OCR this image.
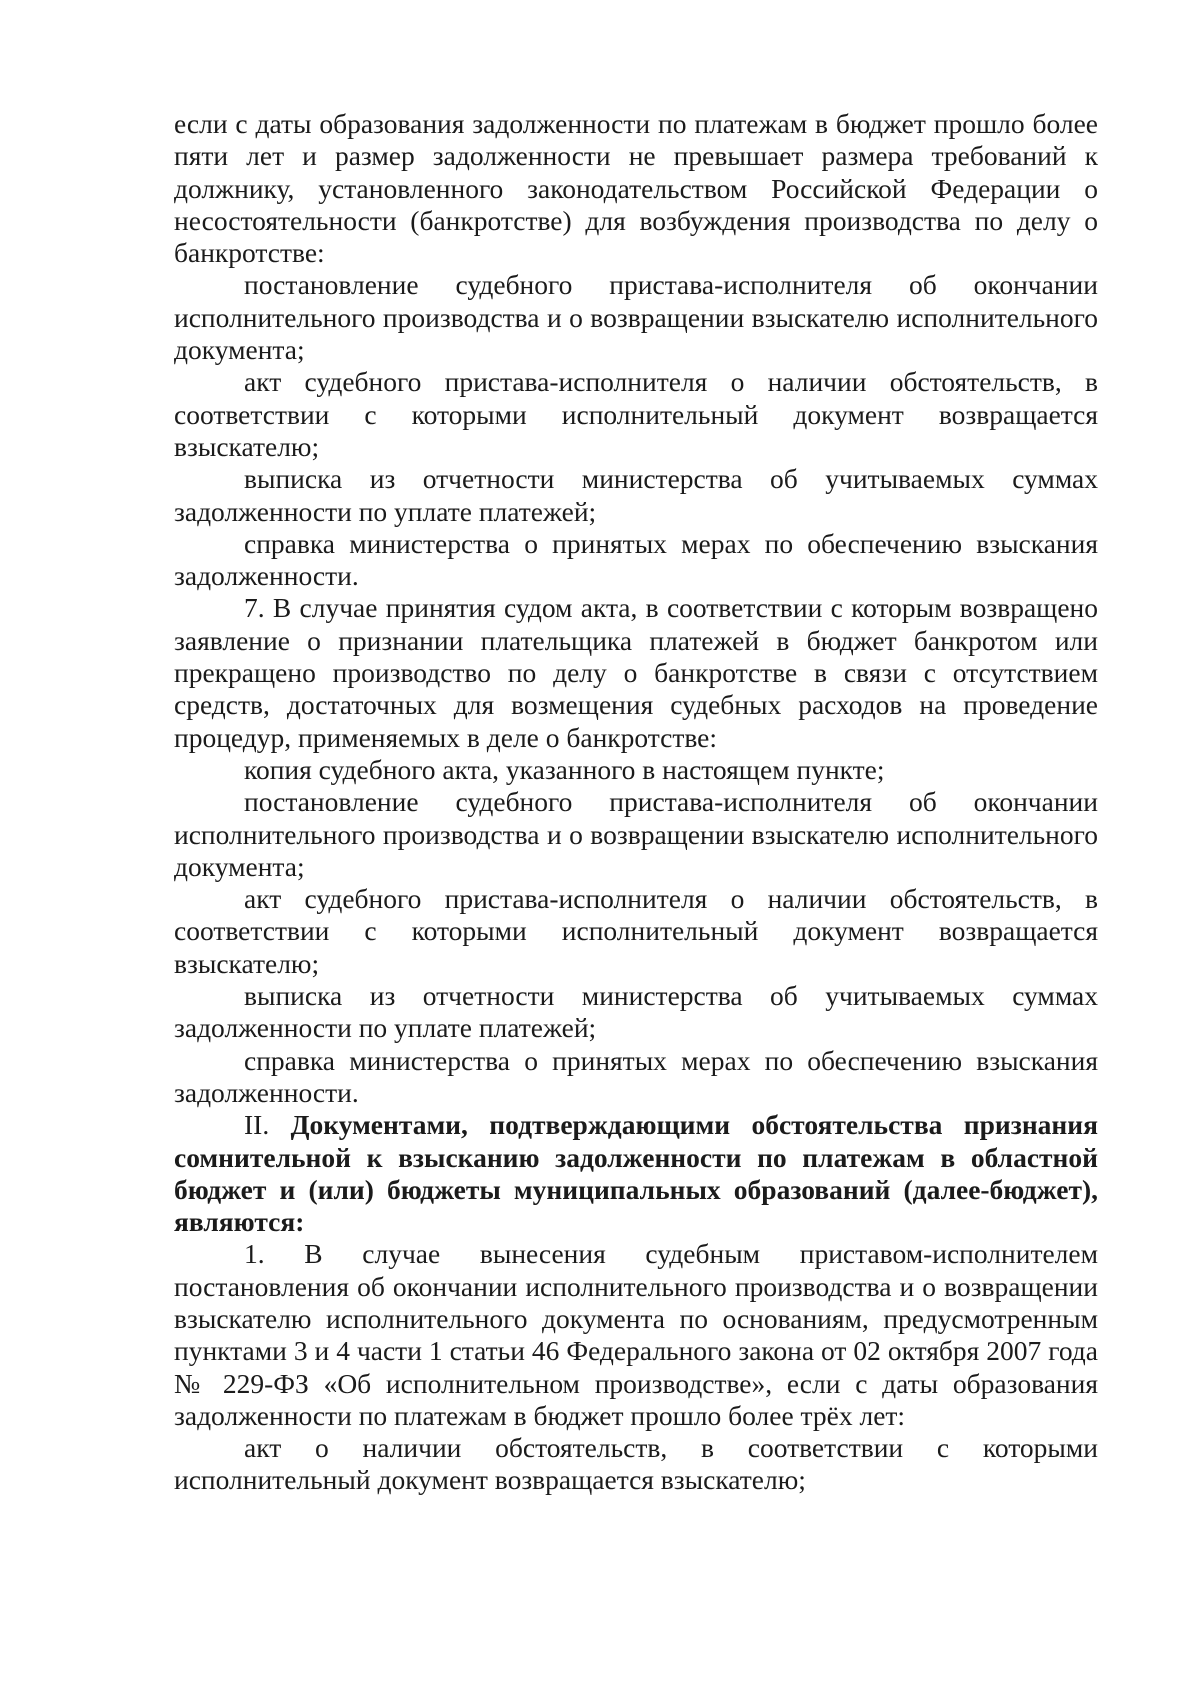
если с даты образования задолженности по платежам в бюджет прошло более пяти лет и размер задолженности не превышает размера требований к должнику, установленного законодательством Российской Федерации о несостоятельности (банкротстве) для возбуждения производства по делу о банкротстве:

постановление судебного пристава-исполнителя об окончании исполнительного производства и о возвращении взыскателю исполнительного документа;

акт судебного пристава-исполнителя о наличии обстоятельств, в соответствии с которыми исполнительный документ возвращается взыскателю;

выписка из отчетности министерства об учитываемых суммах задолженности по уплате платежей;

справка министерства о принятых мерах по обеспечению взыскания задолженности.

7. В случае принятия судом акта, в соответствии с которым возвращено заявление о признании плательщика платежей в бюджет банкротом или прекращено производство по делу о банкротстве в связи с отсутствием средств, достаточных для возмещения судебных расходов на проведение процедур, применяемых в деле о банкротстве:

копия судебного акта, указанного в настоящем пункте;

постановление судебного пристава-исполнителя об окончании исполнительного производства и о возвращении взыскателю исполнительного документа;

акт судебного пристава-исполнителя о наличии обстоятельств, в соответствии с которыми исполнительный документ возвращается взыскателю;

выписка из отчетности министерства об учитываемых суммах задолженности по уплате платежей;

справка министерства о принятых мерах по обеспечению взыскания задолженности.

II. Документами, подтверждающими обстоятельства признания сомнительной к взысканию задолженности по платежам в областной бюджет и (или) бюджеты муниципальных образований (далее-бюджет), являются:

1. В случае вынесения судебным приставом-исполнителем постановления об окончании исполнительного производства и о возвращении взыскателю исполнительного документа по основаниям, предусмотренным пунктами 3 и 4 части 1 статьи 46 Федерального закона от 02 октября 2007 года № 229-ФЗ «Об исполнительном производстве», если с даты образования задолженности по платежам в бюджет прошло более трёх лет:

акт о наличии обстоятельств, в соответствии с которыми исполнительный документ возвращается взыскателю;
